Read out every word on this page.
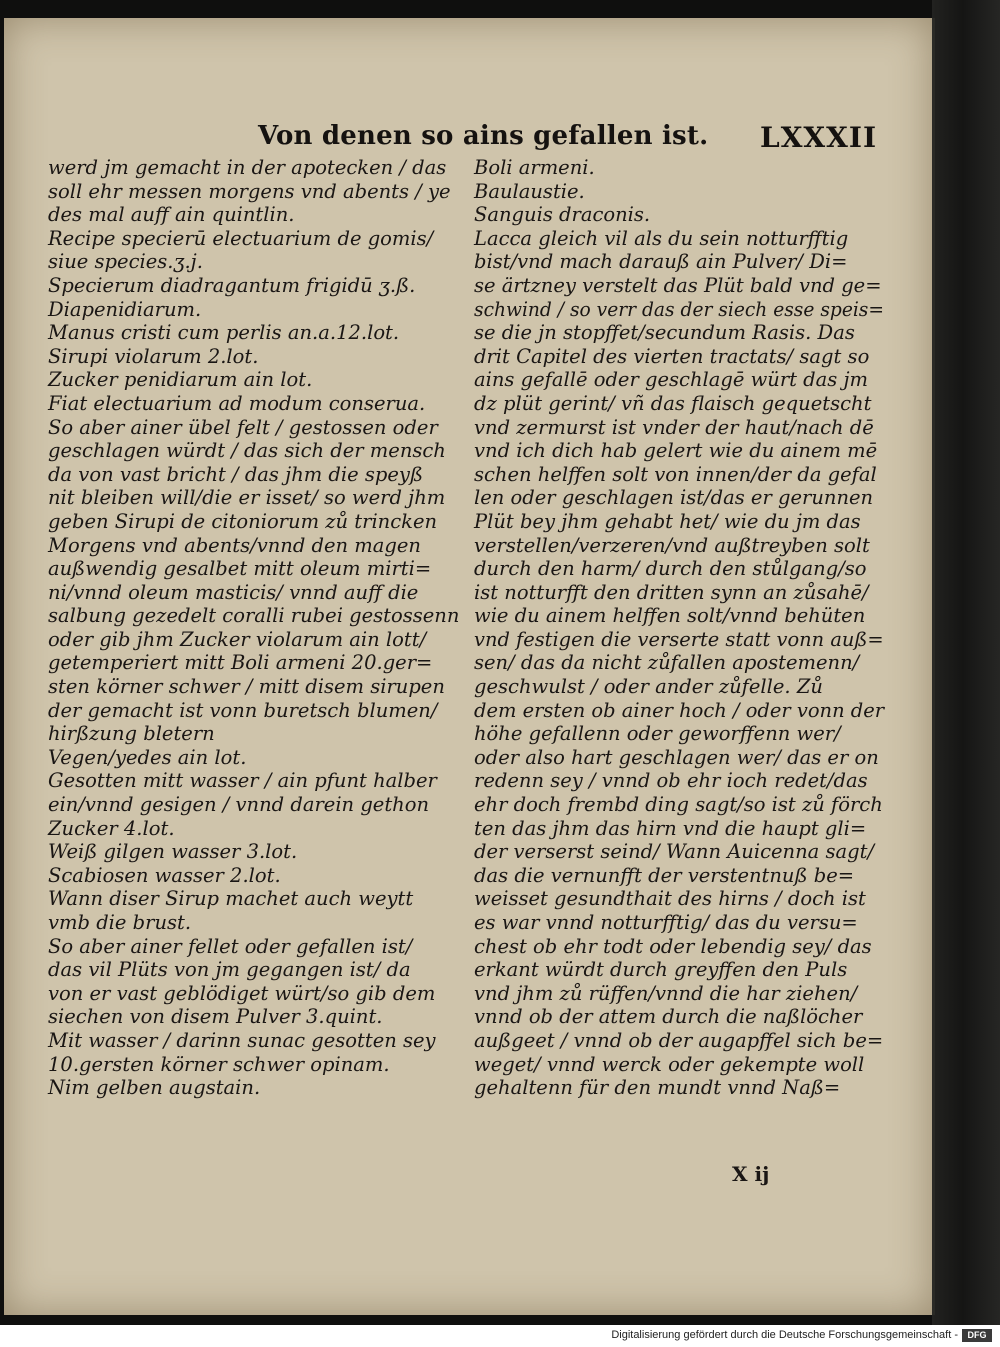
Von denen so ains gefallen ist. LXXXII
werd jm gemacht in der apotecken / das
soll ehr messen morgens vnd abents / ye
des mal auff ain quintlin.
Recipe specierū electuarium de gomis/
siue species.ʒ.j.
Specierum diadragantum frigidū ʒ.ß.
Diapenidiarum.
Manus cristi cum perlis an.a.12.lot.
Sirupi violarum 2.lot.
Zucker penidiarum ain lot.
Fiat electuarium ad modum conserua.
So aber ainer übel felt / gestossen oder
geschlagen würdt / das sich der mensch
da von vast bricht / das jhm die speyß
nit bleiben will/die er isset/ so werd jhm
geben Sirupi de citoniorum zů trincken
Morgens vnd abents/vnnd den magen
außwendig gesalbet mitt oleum mirti=
ni/vnnd oleum masticis/ vnnd auff die
salbung gezedelt coralli rubei gestossenn
oder gib jhm Zucker violarum ain lott/
getemperiert mitt Boli armeni 20.ger=
sten körner schwer / mitt disem sirupen
der gemacht ist vonn buretsch blumen/
hirßzung bletern
Vegen/yedes ain lot.
Gesotten mitt wasser / ain pfunt halber
ein/vnnd gesigen / vnnd darein gethon
Zucker 4.lot.
Weiß gilgen wasser 3.lot.
Scabiosen wasser 2.lot.
Wann diser Sirup machet auch weytt
vmb die brust.
So aber ainer fellet oder gefallen ist/
das vil Plüts von jm gegangen ist/ da
von er vast geblödiget würt/so gib dem
siechen von disem Pulver 3.quint.
Mit wasser / darinn sunac gesotten sey
10.gersten körner schwer opinam.
Nim gelben augstain.
Boli armeni.
Baulaustie.
Sanguis draconis.
Lacca gleich vil als du sein notturfftig
bist/vnd mach darauß ain Pulver/ Di=
se ärtzney verstelt das Plüt bald vnd ge=
schwind / so verr das der siech esse speis=
se die jn stopffet/secundum Rasis. Das
drit Capitel des vierten tractats/ sagt so
ains gefallē oder geschlagē würt das jm
dz plüt gerint/ vñ das flaisch gequetscht
vnd zermurst ist vnder der haut/nach dē
vnd ich dich hab gelert wie du ainem mē
schen helffen solt von innen/der da gefal
len oder geschlagen ist/das er gerunnen
Plüt bey jhm gehabt het/ wie du jm das
verstellen/verzeren/vnd außtreyben solt
durch den harm/ durch den stůlgang/so
ist notturfft den dritten synn an zůsahē/
wie du ainem helffen solt/vnnd behüten
vnd festigen die verserte statt vonn auß=
sen/ das da nicht zůfallen apostemenn/
geschwulst / oder ander zůfelle. Zů
dem ersten ob ainer hoch / oder vonn der
höhe gefallenn oder geworffenn wer/
oder also hart geschlagen wer/ das er on
redenn sey / vnnd ob ehr ioch redet/das
ehr doch frembd ding sagt/so ist zů förch
ten das jhm das hirn vnd die haupt gli=
der verserst seind/ Wann Auicenna sagt/
das die vernunfft der verstentnuß be=
weisset gesundthait des hirns / doch ist
es war vnnd notturfftig/ das du versu=
chest ob ehr todt oder lebendig sey/ das
erkant würdt durch greyffen den Puls
vnd jhm zů rüffen/vnnd die har ziehen/
vnnd ob der attem durch die naßlöcher
außgeet / vnnd ob der augapffel sich be=
weget/ vnnd werck oder gekempte woll
gehaltenn für den mundt vnnd Naß=
X ij
Digitalisierung gefördert durch die Deutsche Forschungsgemeinschaft -	DFG
